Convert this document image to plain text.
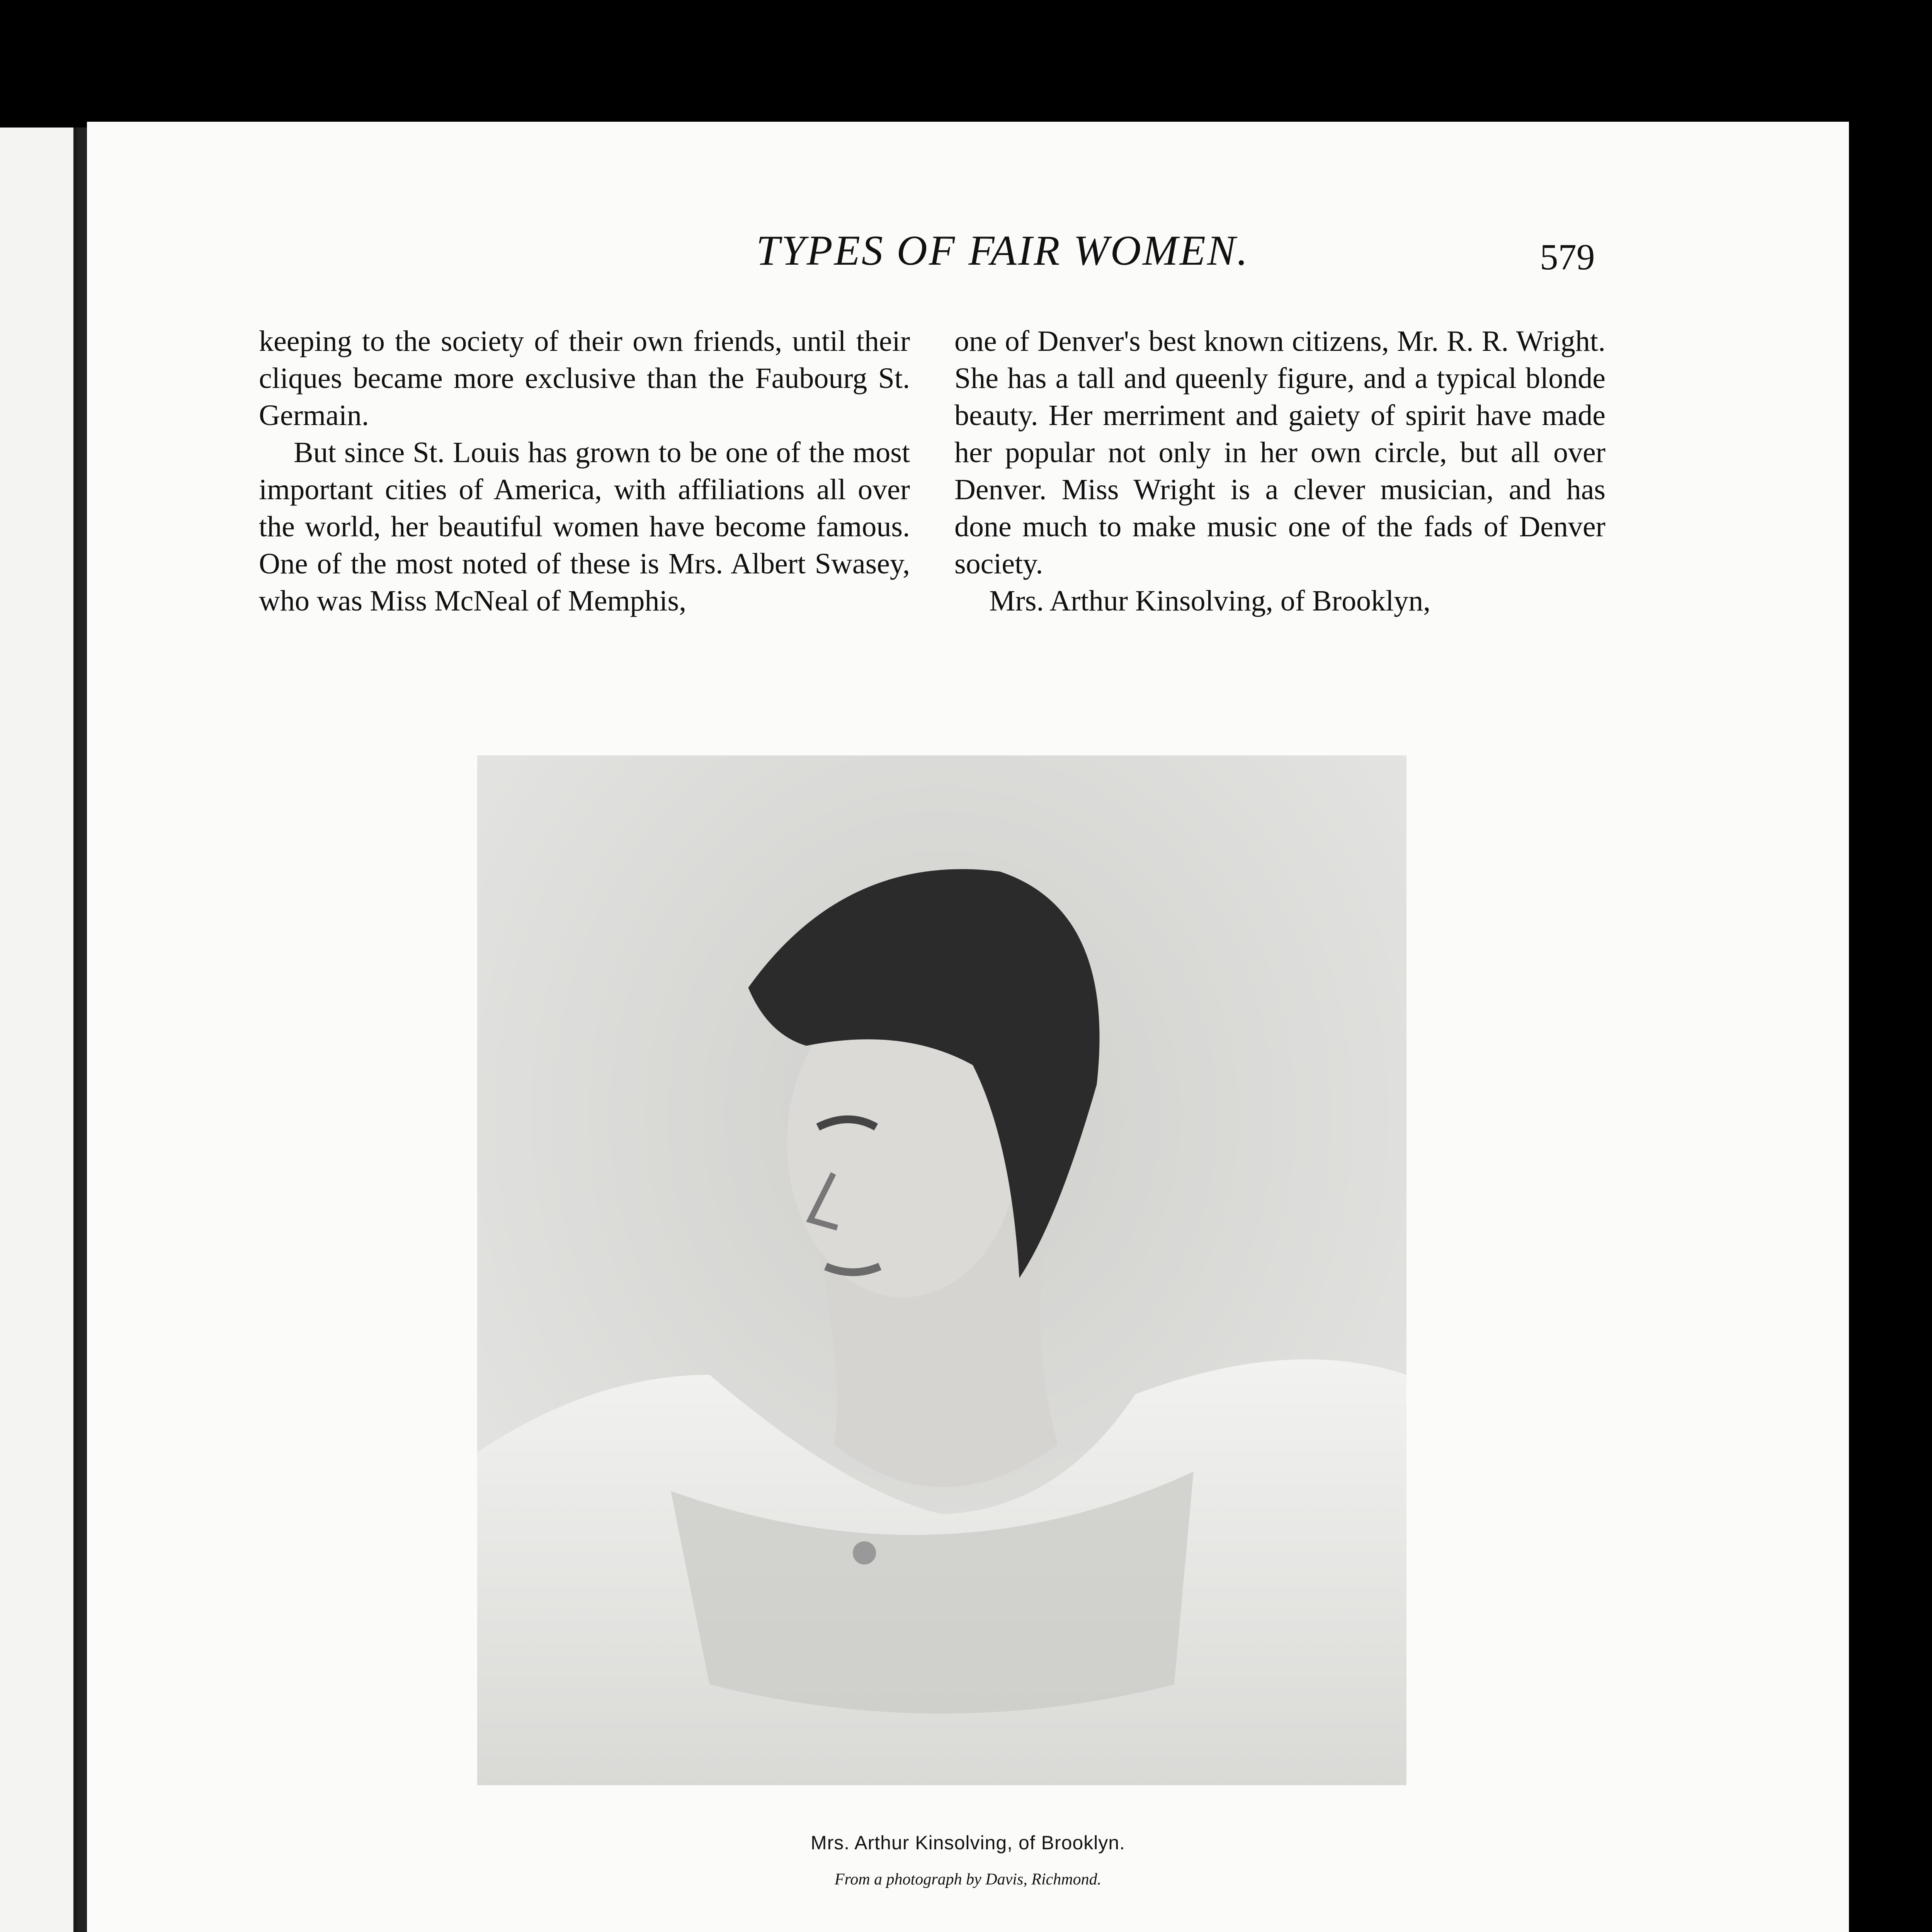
TYPES OF FAIR WOMEN.	579

keeping to the society of their own friends, until their cliques became more exclusive than the Faubourg St. Germain.

But since St. Louis has grown to be one of the most important cities of America, with affiliations all over the world, her beautiful women have become famous. One of the most noted of these is Mrs. Albert Swasey, who was Miss McNeal of Memphis,

one of Denver's best known citizens, Mr. R. R. Wright. She has a tall and queenly figure, and a typical blonde beauty. Her merriment and gaiety of spirit have made her popular not only in her own circle, but all over Denver. Miss Wright is a clever musician, and has done much to make music one of the fads of Denver society.

Mrs. Arthur Kinsolving, of Brooklyn,

Mrs. Arthur Kinsolving, of Brooklyn.
From a photograph by Davis, Richmond.
